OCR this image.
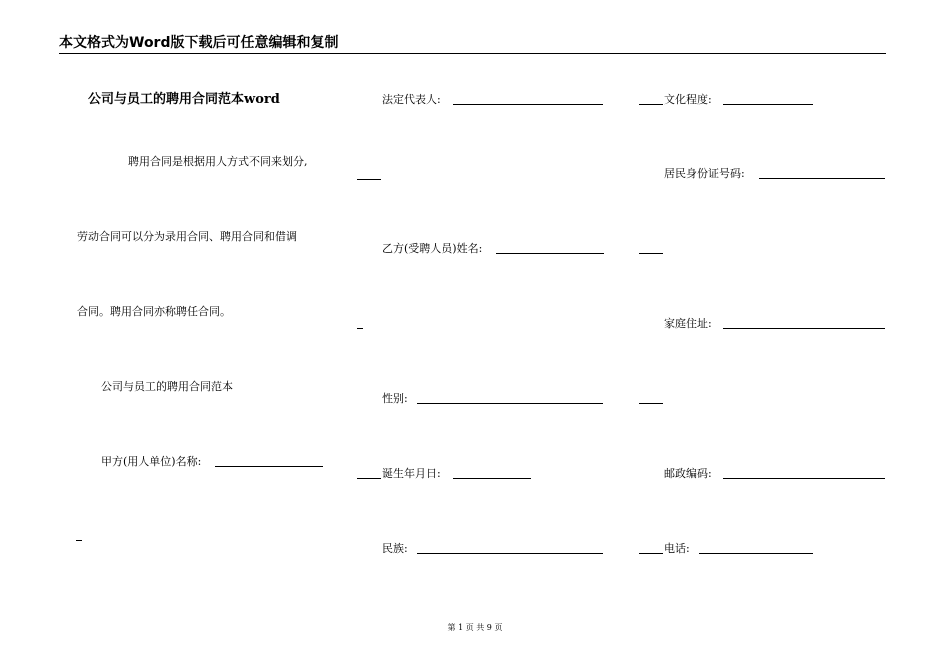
本文格式为Word版下载后可任意编辑和复制
公司与员工的聘用合同范本word
聘用合同是根据用人方式不同来划分,
劳动合同可以分为录用合同、聘用合同和借调
合同。聘用合同亦称聘任合同。
公司与员工的聘用合同范本
甲方(用人单位)名称:
法定代表人:
乙方(受聘人员)姓名:
性别:
诞生年月日:
民族:
文化程度:
居民身份证号码:
家庭住址:
邮政编码:
电话:
第 1 页 共 9 页
